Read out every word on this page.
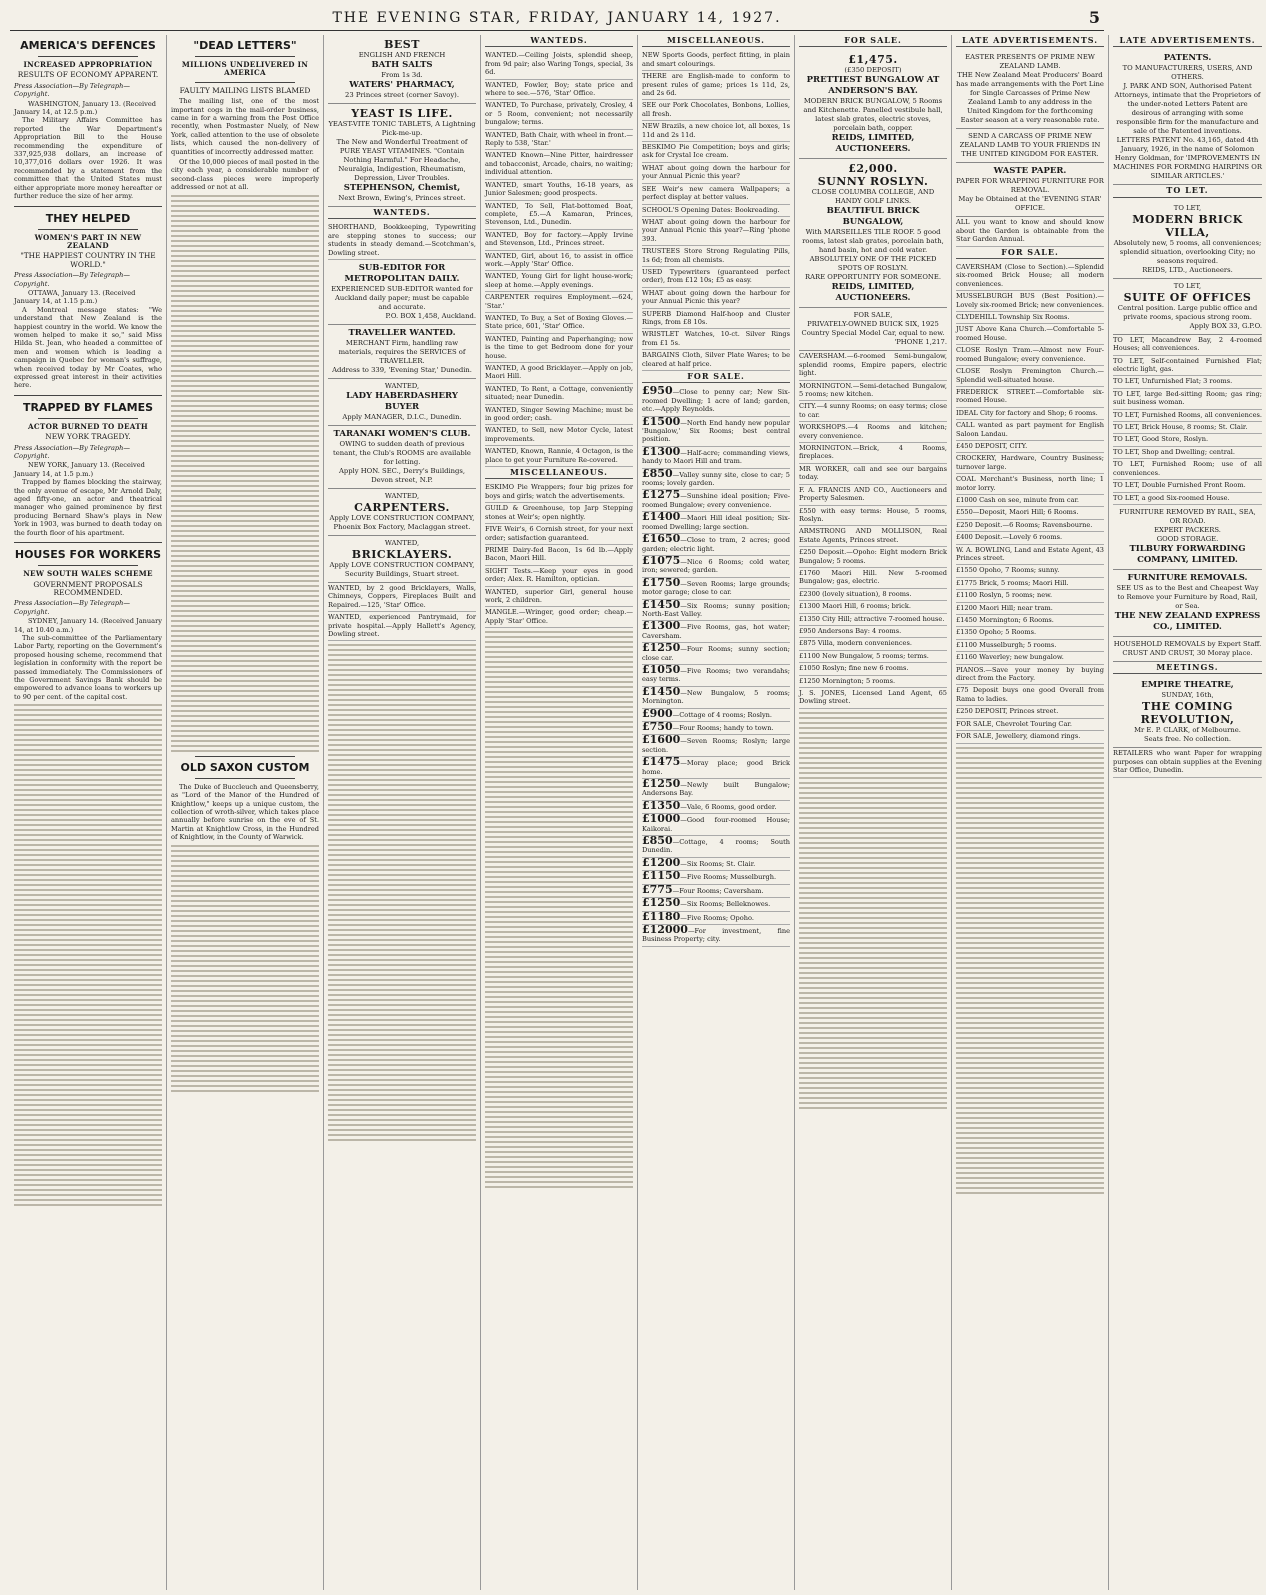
THE EVENING STAR, FRIDAY, JANUARY 14, 1927.	5
AMERICA'S DEFENCES
INCREASED APPROPRIATION
RESULTS OF ECONOMY APPARENT.
Press Association—By Telegraph—Copyright.
WASHINGTON, January 13. (Received January 14, at 12.5 p.m.)

The Military Affairs Committee has reported the War Department's Appropriation Bill to the House recommending the expenditure of 337,925,938 dollars, an increase of 10,377,016 dollars over 1926. It was recommended by a statement from the committee that the United States must either appropriate more money hereafter or further reduce the size of her army.

THEY HELPED
WOMEN'S PART IN NEW ZEALAND
"THE HAPPIEST COUNTRY IN THE WORLD."
Press Association—By Telegraph—Copyright.
OTTAWA, January 13. (Received January 14, at 1.15 p.m.)

A Montreal message states: "We understand that New Zealand is the happiest country in the world. We know the women helped to make it so," said Miss Hilda St. Jean, who headed a committee of men and women which is leading a campaign in Quebec for woman's suffrage, when received today by Mr Coates, who expressed great interest in their activities here.

TRAPPED BY FLAMES
ACTOR BURNED TO DEATH
NEW YORK TRAGEDY.
Press Association—By Telegraph—Copyright.
NEW YORK, January 13. (Received January 14, at 1.5 p.m.)

Trapped by flames blocking the stairway, the only avenue of escape, Mr Arnold Daly, aged fifty-one, an actor and theatrical manager who gained prominence by first producing Bernard Shaw's plays in New York in 1903, was burned to death today on the fourth floor of his apartment.

HOUSES FOR WORKERS
NEW SOUTH WALES SCHEME
GOVERNMENT PROPOSALS RECOMMENDED.
Press Association—By Telegraph—Copyright.
SYDNEY, January 14. (Received January 14, at 10.40 a.m.)

The sub-committee of the Parliamentary Labor Party, reporting on the Government's proposed housing scheme, recommend that legislation in conformity with the report be passed immediately. The Commissioners of the Government Savings Bank should be empowered to advance loans to workers up to 90 per cent. of the capital cost.

"DEAD LETTERS"
MILLIONS UNDELIVERED IN AMERICA
FAULTY MAILING LISTS BLAMED

The mailing list, one of the most important cogs in the mail-order business, came in for a warning from the Post Office recently, when Postmaster Nuely, of New York, called attention to the use of obsolete lists, which caused the non-delivery of quantities of incorrectly addressed matter.

Of the 10,000 pieces of mail posted in the city each year, a considerable number of second-class pieces were improperly addressed or not at all.

OLD SAXON CUSTOM

The Duke of Buccleuch and Queensberry, as "Lord of the Manor of the Hundred of Knightlow," keeps up a unique custom, the collection of wroth-silver, which takes place annually before sunrise on the eve of St. Martin at Knightlow Cross, in the Hundred of Knightlow, in the County of Warwick.

BEST
ENGLISH AND FRENCH
BATH SALTS
From 1s 3d.
WATERS' PHARMACY,
23 Princes street (corner Savoy).
YEAST IS LIFE.
YEAST-VITE TONIC TABLETS, A Lightning Pick-me-up.
The New and Wonderful Treatment of PURE YEAST VITAMINES. "Contain Nothing Harmful." For Headache, Neuralgia, Indigestion, Rheumatism, Depression, Liver Troubles.
STEPHENSON, Chemist,
Next Brown, Ewing's, Princes street.
WANTEDS.
SHORTHAND, Bookkeeping, Typewriting are stepping stones to success; our students in steady demand.—Scotchman's, Dowling street.
SUB-EDITOR FOR METROPOLITAN DAILY.
EXPERIENCED SUB-EDITOR wanted for Auckland daily paper; must be capable and accurate.
P.O. BOX 1,458, Auckland.
TRAVELLER WANTED.
MERCHANT Firm, handling raw materials, requires the SERVICES of TRAVELLER.
Address to 339, 'Evening Star,' Dunedin.
WANTED,
LADY HABERDASHERY BUYER
Apply MANAGER, D.I.C., Dunedin.
TARANAKI WOMEN'S CLUB.
OWING to sudden death of previous tenant, the Club's ROOMS are available for letting.
Apply HON. SEC., Derry's Buildings, Devon street, N.P.
WANTED,
CARPENTERS.
Apply LOVE CONSTRUCTION COMPANY, Phoenix Box Factory, Maclaggan street.
WANTED,
BRICKLAYERS.
Apply LOVE CONSTRUCTION COMPANY, Security Buildings, Stuart street.
WANTED, by 2 good Bricklayers, Walls, Chimneys, Coppers, Fireplaces Built and Repaired.—125, 'Star' Office.
WANTED, experienced Pantrymaid, for private hospital.—Apply Hallett's Agency, Dowling street.
WANTEDS.
WANTED.—Ceiling Joists, splendid sheep, from 9d pair; also Waring Tongs, special, 3s 6d.
WANTED, Fowler, Boy; state price and where to see.—576, 'Star' Office.
WANTED, To Purchase, privately, Crosley, 4 or 5 Room, convenient; not necessarily bungalow; terms.
WANTED, Bath Chair, with wheel in front.—Reply to 538, 'Star.'
WANTED Known—Nine Pitter, hairdresser and tobacconist, Arcade, chairs, no waiting; individual attention.
WANTED, smart Youths, 16-18 years, as Junior Salesmen; good prospects.
WANTED, To Sell, Flat-bottomed Boat, complete, £5.—A Kamaran, Princes, Stevenson, Ltd., Dunedin.
WANTED, Boy for factory.—Apply Irvine and Stevenson, Ltd., Princes street.
WANTED, Girl, about 16, to assist in office work.—Apply 'Star' Office.
WANTED, Young Girl for light house-work; sleep at home.—Apply evenings.
CARPENTER requires Employment.—624, 'Star.'
WANTED, To Buy, a Set of Boxing Gloves.—State price, 601, 'Star' Office.
WANTED, Painting and Paperhanging; now is the time to get Bedroom done for your house.
WANTED, A good Bricklayer.—Apply on job, Maori Hill.
WANTED, To Rent, a Cottage, conveniently situated; near Dunedin.
WANTED, Singer Sewing Machine; must be in good order; cash.
WANTED, to Sell, new Motor Cycle, latest improvements.
WANTED, Known, Rannie, 4 Octagon, is the place to get your Furniture Re-covered.
MISCELLANEOUS.
ESKIMO Pie Wrappers; four big prizes for boys and girls; watch the advertisements.
GUILD & Greenhouse, top Jarp Stepping stones at Weir's; open nightly.
FIVE Weir's, 6 Cornish street, for your next order; satisfaction guaranteed.
PRIME Dairy-fed Bacon, 1s 6d lb.—Apply Bacon, Maori Hill.
SIGHT Tests.—Keep your eyes in good order; Alex. R. Hamilton, optician.
WANTED, superior Girl, general house work, 2 children.
MANGLE.—Wringer, good order; cheap.—Apply 'Star' Office.
MISCELLANEOUS.
NEW Sports Goods, perfect fitting, in plain and smart colourings.
THERE are English-made to conform to present rules of game; prices 1s 11d, 2s, and 2s 6d.
SEE our Pork Chocolates, Bonbons, Lollies, all fresh.
NEW Brazils, a new choice lot, all boxes, 1s 11d and 2s 11d.
BESKIMO Pie Competition; boys and girls; ask for Crystal Ice cream.
WHAT about going down the harbour for your Annual Picnic this year?
SEE Weir's new camera Wallpapers; a perfect display at better values.
SCHOOL'S Opening Dates: Bookreading.
WHAT about going down the harbour for your Annual Picnic this year?—Ring 'phone 393.
TRUSTEES Store Strong Regulating Pills, 1s 6d; from all chemists.
USED Typewriters (guaranteed perfect order), from £12 10s; £5 as easy.
WHAT about going down the harbour for your Annual Picnic this year?
SUPERB Diamond Half-hoop and Cluster Rings, from £8 10s.
WRISTLET Watches, 10-ct. Silver Rings from £1 5s.
BARGAINS Cloth, Silver Plate Wares; to be cleared at half price.
FOR SALE.
£950—Close to penny car; New Six-roomed Dwelling; 1 acre of land; garden, etc.—Apply Reynolds.
£1500—North End handy new popular 'Bungalow,' Six Rooms; best central position.
£1300—Half-acre; commanding views, handy to Maori Hill and tram.
£850—Valley sunny site, close to car; 5 rooms; lovely garden.
£1275—Sunshine ideal position; Five-roomed Bungalow; every convenience.
£1400—Maori Hill ideal position; Six-roomed Dwelling; large section.
£1650—Close to tram, 2 acres; good garden; electric light.
£1075—Nice 6 Rooms; cold water, iron; sewered; garden.
£1750—Seven Rooms; large grounds; motor garage; close to car.
£1450—Six Rooms; sunny position; North-East Valley.
£1300—Five Rooms, gas, hot water; Caversham.
£1250—Four Rooms; sunny section; close car.
£1050—Five Rooms; two verandahs; easy terms.
£1450—New Bungalow, 5 rooms; Mornington.
£900—Cottage of 4 rooms; Roslyn.
£750—Four Rooms; handy to town.
£1600—Seven Rooms; Roslyn; large section.
£1475—Moray place; good Brick home.
£1250—Newly built Bungalow; Andersons Bay.
£1350—Vale, 6 Rooms, good order.
£1000—Good four-roomed House; Kaikorai.
£850—Cottage, 4 rooms; South Dunedin.
£1200—Six Rooms; St. Clair.
£1150—Five Rooms; Musselburgh.
£775—Four Rooms; Caversham.
£1250—Six Rooms; Belleknowes.
£1180—Five Rooms; Opoho.
£12000—For investment, fine Business Property; city.
FOR SALE.
£1,475.
(£350 DEPOSIT)
PRETTIEST BUNGALOW AT ANDERSON'S BAY.
MODERN BRICK BUNGALOW, 5 Rooms and Kitchenette. Panelled vestibule hall, latest slab grates, electric stoves, porcelain bath, copper.
REIDS, LIMITED, AUCTIONEERS.
£2,000.
SUNNY ROSLYN.
CLOSE COLUMBA COLLEGE, AND HANDY GOLF LINKS.
BEAUTIFUL BRICK BUNGALOW,
With MARSEILLES TILE ROOF. 5 good rooms, latest slab grates, porcelain bath, hand basin, hot and cold water.
ABSOLUTELY ONE OF THE PICKED SPOTS OF ROSLYN.
RARE OPPORTUNITY FOR SOMEONE.
REIDS, LIMITED, AUCTIONEERS.
FOR SALE,
PRIVATELY-OWNED BUICK SIX, 1925 Country Special Model Car, equal to new.
'PHONE 1,217.
CAVERSHAM.—6-roomed Semi-bungalow, splendid rooms, Empire papers, electric light.
MORNINGTON.—Semi-detached Bungalow, 5 rooms; new kitchen.
CITY.—4 sunny Rooms; on easy terms; close to car.
WORKSHOPS.—4 Rooms and kitchen; every convenience.
MORNINGTON.—Brick, 4 Rooms, fireplaces.
MR WORKER, call and see our bargains today.
F. A. FRANCIS AND CO., Auctioneers and Property Salesmen.
£550 with easy terms: House, 5 rooms, Roslyn.
ARMSTRONG AND MOLLISON, Real Estate Agents, Princes street.
£250 Deposit.—Opoho: Eight modern Brick Bungalow; 5 rooms.
£1760 Maori Hill. New 5-roomed Bungalow; gas, electric.
£2300 (lovely situation), 8 rooms.
£1300 Maori Hill, 6 rooms; brick.
£1350 City Hill; attractive 7-roomed house.
£950 Andersons Bay: 4 rooms.
£875 Villa, modern conveniences.
£1100 New Bungalow, 5 rooms; terms.
£1050 Roslyn; fine new 6 rooms.
£1250 Mornington; 5 rooms.
J. S. JONES, Licensed Land Agent, 65 Dowling street.
LATE ADVERTISEMENTS.
EASTER PRESENTS OF PRIME NEW ZEALAND LAMB.
THE New Zealand Meat Producers' Board has made arrangements with the Port Line for Single Carcasses of Prime New Zealand Lamb to any address in the United Kingdom for the forthcoming Easter season at a very reasonable rate.
SEND A CARCASS OF PRIME NEW ZEALAND LAMB TO YOUR FRIENDS IN THE UNITED KINGDOM FOR EASTER.
WASTE PAPER.
PAPER FOR WRAPPING FURNITURE FOR REMOVAL.
May be Obtained at the 'EVENING STAR' OFFICE.
ALL you want to know and should know about the Garden is obtainable from the Star Garden Annual.
FOR SALE.
CAVERSHAM (Close to Section).—Splendid six-roomed Brick House; all modern conveniences.
MUSSELBURGH BUS (Best Position).—Lovely six-roomed Brick; new conveniences.
CLYDEHILL Township Six Rooms.
JUST Above Kana Church.—Comfortable 5-roomed House.
CLOSE Roslyn Tram.—Almost new Four-roomed Bungalow; every convenience.
CLOSE Roslyn Fremington Church.—Splendid well-situated house.
FREDERICK STREET.—Comfortable six-roomed House.
IDEAL City for factory and Shop; 6 rooms.
CALL wanted as part payment for English Saloon Landau.
£450 DEPOSIT, CITY.
CROCKERY, Hardware, Country Business; turnover large.
COAL Merchant's Business, north line; 1 motor lorry.
£1000 Cash on see, minute from car.
£550—Deposit, Maori Hill; 6 Rooms.
£250 Deposit.—6 Rooms; Ravensbourne.
£400 Deposit.—Lovely 6 rooms.
W. A. BOWLING, Land and Estate Agent, 43 Princes street.
£1550 Opoho, 7 Rooms; sunny.
£1775 Brick, 5 rooms; Maori Hill.
£1100 Roslyn, 5 rooms; new.
£1200 Maori Hill; near tram.
£1450 Mornington; 6 Rooms.
£1350 Opoho; 5 Rooms.
£1100 Musselburgh; 5 rooms.
£1160 Waverley; new bungalow.
PIANOS.—Save your money by buying direct from the Factory.
£75 Deposit buys one good Overall from Rama to ladies.
£250 DEPOSIT, Princes street.
FOR SALE, Chevrolet Touring Car.
FOR SALE, Jewellery, diamond rings.
LATE ADVERTISEMENTS.
PATENTS.
TO MANUFACTURERS, USERS, AND OTHERS.
J. PARK AND SON, Authorised Patent Attorneys, intimate that the Proprietors of the under-noted Letters Patent are desirous of arranging with some responsible firm for the manufacture and sale of the Patented inventions.
LETTERS PATENT No. 43,165, dated 4th January, 1926, in the name of Solomon Henry Goldman, for 'IMPROVEMENTS IN MACHINES FOR FORMING HAIRPINS OR SIMILAR ARTICLES.'
TO LET.
TO LET,
MODERN BRICK VILLA,
Absolutely new, 5 rooms, all conveniences; splendid situation, overlooking City; no seasons required.
REIDS, LTD., Auctioneers.
TO LET,
SUITE OF OFFICES
Central position. Large public office and private rooms, spacious strong room.
Apply BOX 33, G.P.O.
TO LET, Macandrew Bay, 2 4-roomed Houses; all conveniences.
TO LET, Self-contained Furnished Flat; electric light, gas.
TO LET, Unfurnished Flat; 3 rooms.
TO LET, large Bed-sitting Room; gas ring; suit business woman.
TO LET, Furnished Rooms, all conveniences.
TO LET, Brick House, 8 rooms; St. Clair.
TO LET, Good Store, Roslyn.
TO LET, Shop and Dwelling; central.
TO LET, Furnished Room; use of all conveniences.
TO LET, Double Furnished Front Room.
TO LET, a good Six-roomed House.
FURNITURE REMOVED BY RAIL, SEA, OR ROAD.
EXPERT PACKERS.
GOOD STORAGE.
TILBURY FORWARDING COMPANY, LIMITED.
FURNITURE REMOVALS.
SEE US as to the Best and Cheapest Way to Remove your Furniture by Road, Rail, or Sea.
THE NEW ZEALAND EXPRESS CO., LIMITED.
HOUSEHOLD REMOVALS by Expert Staff.
CRUST AND CRUST, 30 Moray place.
MEETINGS.
EMPIRE THEATRE,
SUNDAY, 16th,
THE COMING REVOLUTION,
Mr E. P. CLARK, of Melbourne.
Seats free. No collection.
RETAILERS who want Paper for wrapping purposes can obtain supplies at the Evening Star Office, Dunedin.
